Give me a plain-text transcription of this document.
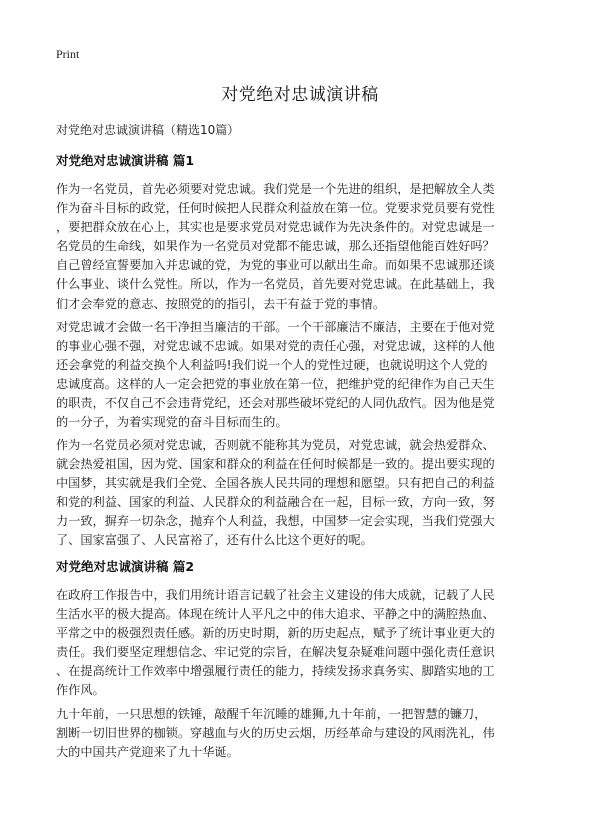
Print
对党绝对忠诚演讲稿
对党绝对忠诚演讲稿（精选10篇）
对党绝对忠诚演讲稿 篇1
作为一名党员，首先必须要对党忠诚。我们党是一个先进的组织，是把解放全人类
作为奋斗目标的政党，任何时候把人民群众利益放在第一位。党要求党员要有党性
，要把群众放在心上，其实也是要求党员对党忠诚作为先决条件的。对党忠诚是一
名党员的生命线，如果作为一名党员对党都不能忠诚，那么还指望他能百姓好吗？
自己曾经宣誓要加入并忠诚的党，为党的事业可以献出生命。而如果不忠诚那还谈
什么事业、谈什么党性。所以，作为一名党员，首先要对党忠诚。在此基础上，我
们才会奉党的意志、按照党的的指引，去干有益于党的事情。
对党忠诚才会做一名干净担当廉洁的干部。一个干部廉洁不廉洁，主要在于他对党
的事业心强不强，对党忠诚不忠诚。如果对党的责任心强，对党忠诚，这样的人他
还会拿党的利益交换个人利益吗!我们说一个人的党性过硬，也就说明这个人党的
忠诚度高。这样的人一定会把党的事业放在第一位，把维护党的纪律作为自己天生
的职责，不仅自己不会违背党纪，还会对那些破坏党纪的人同仇敌忾。因为他是党
的一分子，为着实现党的奋斗目标而生的。
作为一名党员必须对党忠诚，否则就不能称其为党员，对党忠诚，就会热爱群众、
就会热爱祖国，因为党、国家和群众的利益在任何时候都是一致的。提出要实现的
中国梦，其实就是我们全党、全国各族人民共同的理想和愿望。只有把自己的利益
和党的利益、国家的利益、人民群众的利益融合在一起，目标一致，方向一致，努
力一致，摒弃一切杂念，抛弃个人利益，我想，中国梦一定会实现，当我们党强大
了、国家富强了、人民富裕了，还有什么比这个更好的呢。
对党绝对忠诚演讲稿 篇2
在政府工作报告中，我们用统计语言记载了社会主义建设的伟大成就，记载了人民
生活水平的极大提高。体现在统计人平凡之中的伟大追求、平静之中的满腔热血、
平常之中的极强烈责任感。新的历史时期，新的历史起点，赋予了统计事业更大的
责任。我们要坚定理想信念、牢记党的宗旨，在解决复杂疑难问题中强化责任意识
、在提高统计工作效率中增强履行责任的能力，持续发扬求真务实、脚踏实地的工
作作风。
九十年前，一只思想的铁锤，敲醒千年沉睡的雄狮,九十年前，一把智慧的镰刀，
割断一切旧世界的枷锁。穿越血与火的历史云烟，历经革命与建设的风雨洗礼，伟
大的中国共产党迎来了九十华诞。
